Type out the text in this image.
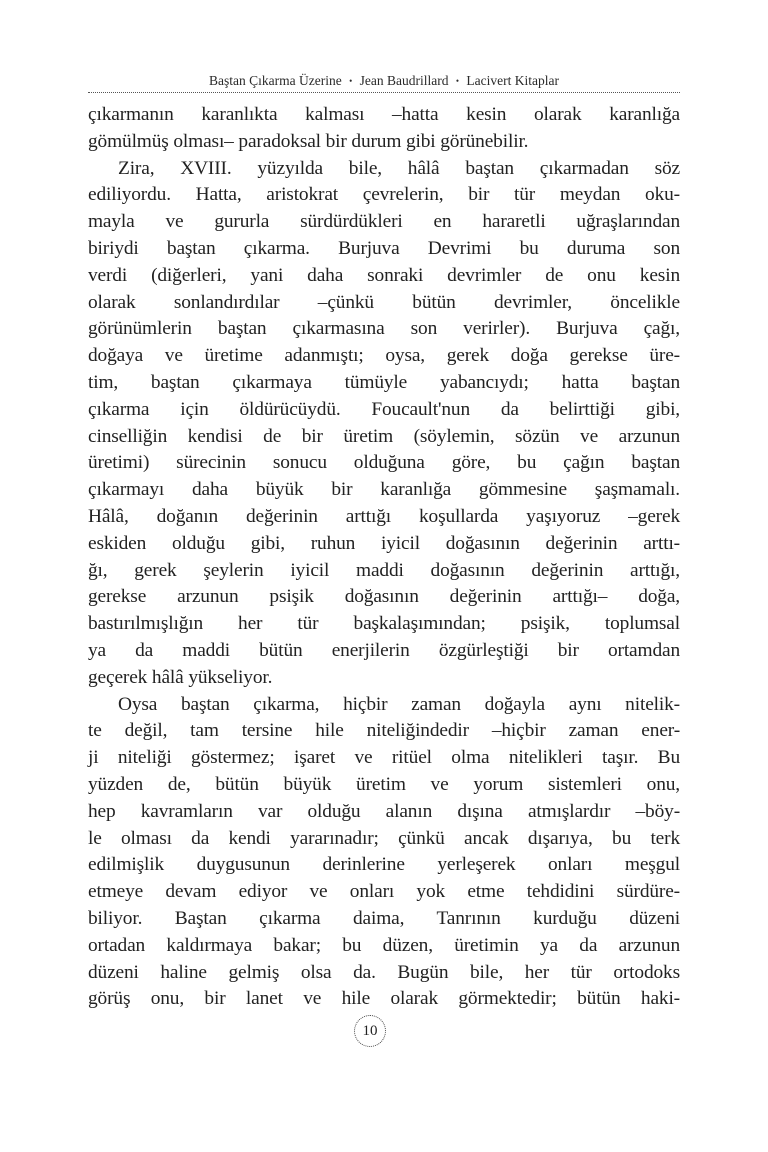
Baştan Çıkarma Üzerine • Jean Baudrillard • Lacivert Kitaplar
çıkarmanın karanlıkta kalması –hatta kesin olarak karanlığa
gömülmüş olması– paradoksal bir durum gibi görünebilir.
Zira, XVIII. yüzyılda bile, hâlâ baştan çıkarmadan söz
ediliyordu. Hatta, aristokrat çevrelerin, bir tür meydan oku-
mayla ve gururla sürdürdükleri en hararetli uğraşlarından
biriydi baştan çıkarma. Burjuva Devrimi bu duruma son
verdi (diğerleri, yani daha sonraki devrimler de onu kesin
olarak sonlandırdılar –çünkü bütün devrimler, öncelikle
görünümlerin baştan çıkarmasına son verirler). Burjuva çağı,
doğaya ve üretime adanmıştı; oysa, gerek doğa gerekse üre-
tim, baştan çıkarmaya tümüyle yabancıydı; hatta baştan
çıkarma için öldürücüydü. Foucault'nun da belirttiği gibi,
cinselliğin kendisi de bir üretim (söylemin, sözün ve arzunun
üretimi) sürecinin sonucu olduğuna göre, bu çağın baştan
çıkarmayı daha büyük bir karanlığa gömmesine şaşmamalı.
Hâlâ, doğanın değerinin arttığı koşullarda yaşıyoruz –gerek
eskiden olduğu gibi, ruhun iyicil doğasının değerinin arttı-
ğı, gerek şeylerin iyicil maddi doğasının değerinin arttığı,
gerekse arzunun psişik doğasının değerinin arttığı– doğa,
bastırılmışlığın her tür başkalaşımından; psişik, toplumsal
ya da maddi bütün enerjilerin özgürleştiği bir ortamdan
geçerek hâlâ yükseliyor.
Oysa baştan çıkarma, hiçbir zaman doğayla aynı nitelik-
te değil, tam tersine hile niteliğindedir –hiçbir zaman ener-
ji niteliği göstermez; işaret ve ritüel olma nitelikleri taşır. Bu
yüzden de, bütün büyük üretim ve yorum sistemleri onu,
hep kavramların var olduğu alanın dışına atmışlardır –böy-
le olması da kendi yararınadır; çünkü ancak dışarıya, bu terk
edilmişlik duygusunun derinlerine yerleşerek onları meşgul
etmeye devam ediyor ve onları yok etme tehdidini sürdüre-
biliyor. Baştan çıkarma daima, Tanrının kurduğu düzeni
ortadan kaldırmaya bakar; bu düzen, üretimin ya da arzunun
düzeni haline gelmiş olsa da. Bugün bile, her tür ortodoks
görüş onu, bir lanet ve hile olarak görmektedir; bütün haki-
10
